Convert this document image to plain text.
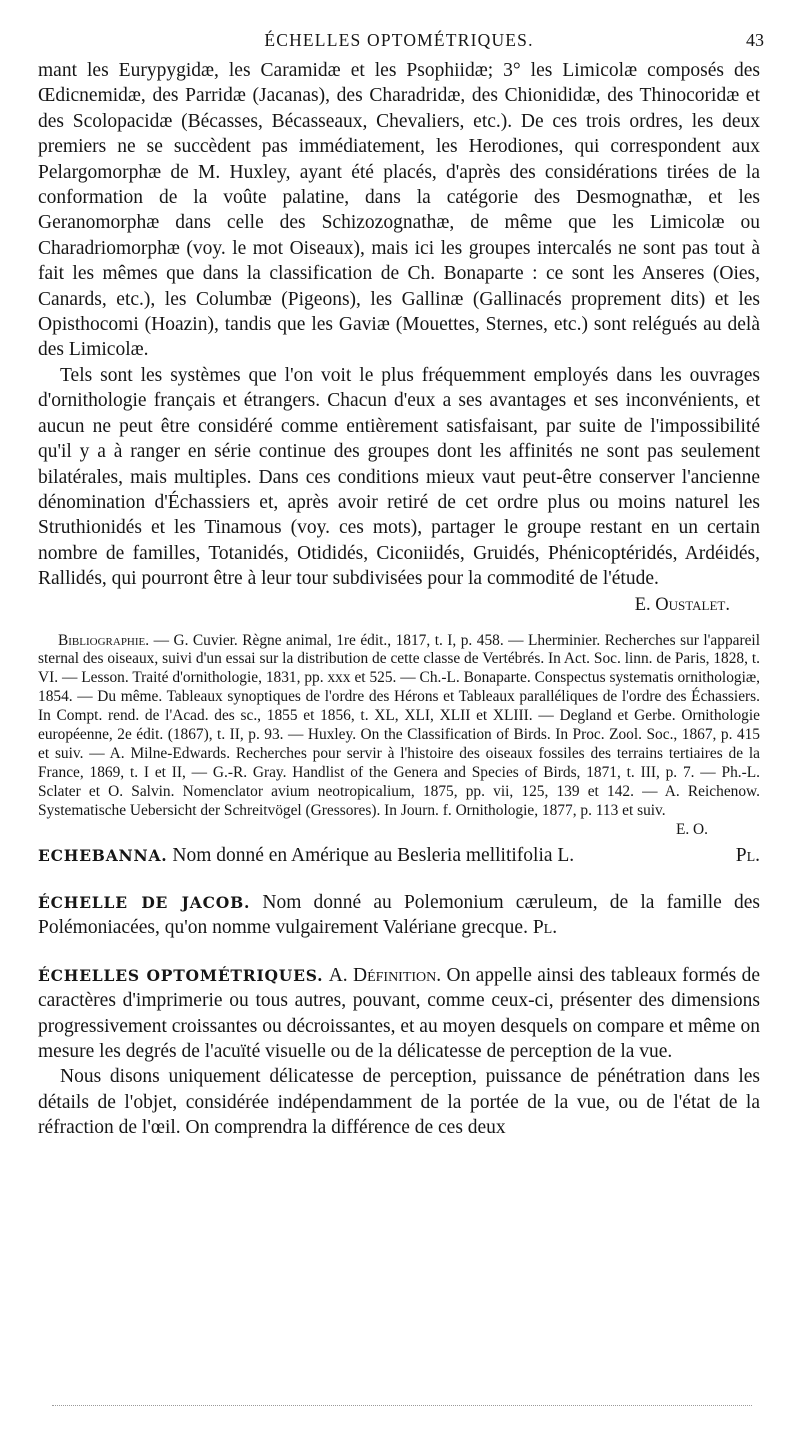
ÉCHELLES OPTOMÉTRIQUES.	43

mant les Eurypygidæ, les Caramidæ et les Psophiidæ; 3° les Limicolæ composés des Œdicnemidæ, des Parridæ (Jacanas), des Charadridæ, des Chionididæ, des Thinocoridæ et des Scolopacidæ (Bécasses, Bécasseaux, Chevaliers, etc.). De ces trois ordres, les deux premiers ne se succèdent pas immédiatement, les Herodiones, qui correspondent aux Pelargomorphæ de M. Huxley, ayant été placés, d'après des considérations tirées de la conformation de la voûte palatine, dans la catégorie des Desmognathæ, et les Geranomorphæ dans celle des Schizozognathæ, de même que les Limicolæ ou Charadriomorphæ (voy. le mot Oiseaux), mais ici les groupes intercalés ne sont pas tout à fait les mêmes que dans la classification de Ch. Bonaparte : ce sont les Anseres (Oies, Canards, etc.), les Columbæ (Pigeons), les Gallinæ (Gallinacés proprement dits) et les Opisthocomi (Hoazin), tandis que les Gaviæ (Mouettes, Sternes, etc.) sont relégués au delà des Limicolæ.

Tels sont les systèmes que l'on voit le plus fréquemment employés dans les ouvrages d'ornithologie français et étrangers. Chacun d'eux a ses avantages et ses inconvénients, et aucun ne peut être considéré comme entièrement satisfaisant, par suite de l'impossibilité qu'il y a à ranger en série continue des groupes dont les affinités ne sont pas seulement bilatérales, mais multiples. Dans ces conditions mieux vaut peut-être conserver l'ancienne dénomination d'Échassiers et, après avoir retiré de cet ordre plus ou moins naturel les Struthionidés et les Tinamous (voy. ces mots), partager le groupe restant en un certain nombre de familles, Totanidés, Otididés, Ciconiidés, Gruidés, Phénicoptéridés, Ardéidés, Rallidés, qui pourront être à leur tour subdivisées pour la commodité de l'étude.

E. Oustalet.

Bibliographie. — G. Cuvier. Règne animal, 1re édit., 1817, t. I, p. 458. — Lherminier. Recherches sur l'appareil sternal des oiseaux, suivi d'un essai sur la distribution de cette classe de Vertébrés. In Act. Soc. linn. de Paris, 1828, t. VI. — Lesson. Traité d'ornithologie, 1831, pp. xxx et 525. — Ch.-L. Bonaparte. Conspectus systematis ornithologiæ, 1854. — Du même. Tableaux synoptiques de l'ordre des Hérons et Tableaux paralléliques de l'ordre des Échassiers. In Compt. rend. de l'Acad. des sc., 1855 et 1856, t. XL, XLI, XLII et XLIII. — Degland et Gerbe. Ornithologie européenne, 2e édit. (1867), t. II, p. 93. — Huxley. On the Classification of Birds. In Proc. Zool. Soc., 1867, p. 415 et suiv. — A. Milne-Edwards. Recherches pour servir à l'histoire des oiseaux fossiles des terrains tertiaires de la France, 1869, t. I et II, — G.-R. Gray. Handlist of the Genera and Species of Birds, 1871, t. III, p. 7. — Ph.-L. Sclater et O. Salvin. Nomenclator avium neotropicalium, 1875, pp. vii, 125, 139 et 142. — A. Reichenow. Systematische Uebersicht der Schreitvögel (Gressores). In Journ. f. Ornithologie, 1877, p. 113 et suiv.
E. O.

ECHEBANNA. Nom donné en Amérique au Besleria mellitifolia L.	Pl.

ÉCHELLE DE JACOB. Nom donné au Polemonium cæruleum, de la famille des Polémoniacées, qu'on nomme vulgairement Valériane grecque. Pl.

ÉCHELLES OPTOMÉTRIQUES. A. Définition. On appelle ainsi des tableaux formés de caractères d'imprimerie ou tous autres, pouvant, comme ceux-ci, présenter des dimensions progressivement croissantes ou décroissantes, et au moyen desquels on compare et même on mesure les degrés de l'acuïté visuelle ou de la délicatesse de perception de la vue.

Nous disons uniquement délicatesse de perception, puissance de pénétration dans les détails de l'objet, considérée indépendamment de la portée de la vue, ou de l'état de la réfraction de l'œil. On comprendra la différence de ces deux
